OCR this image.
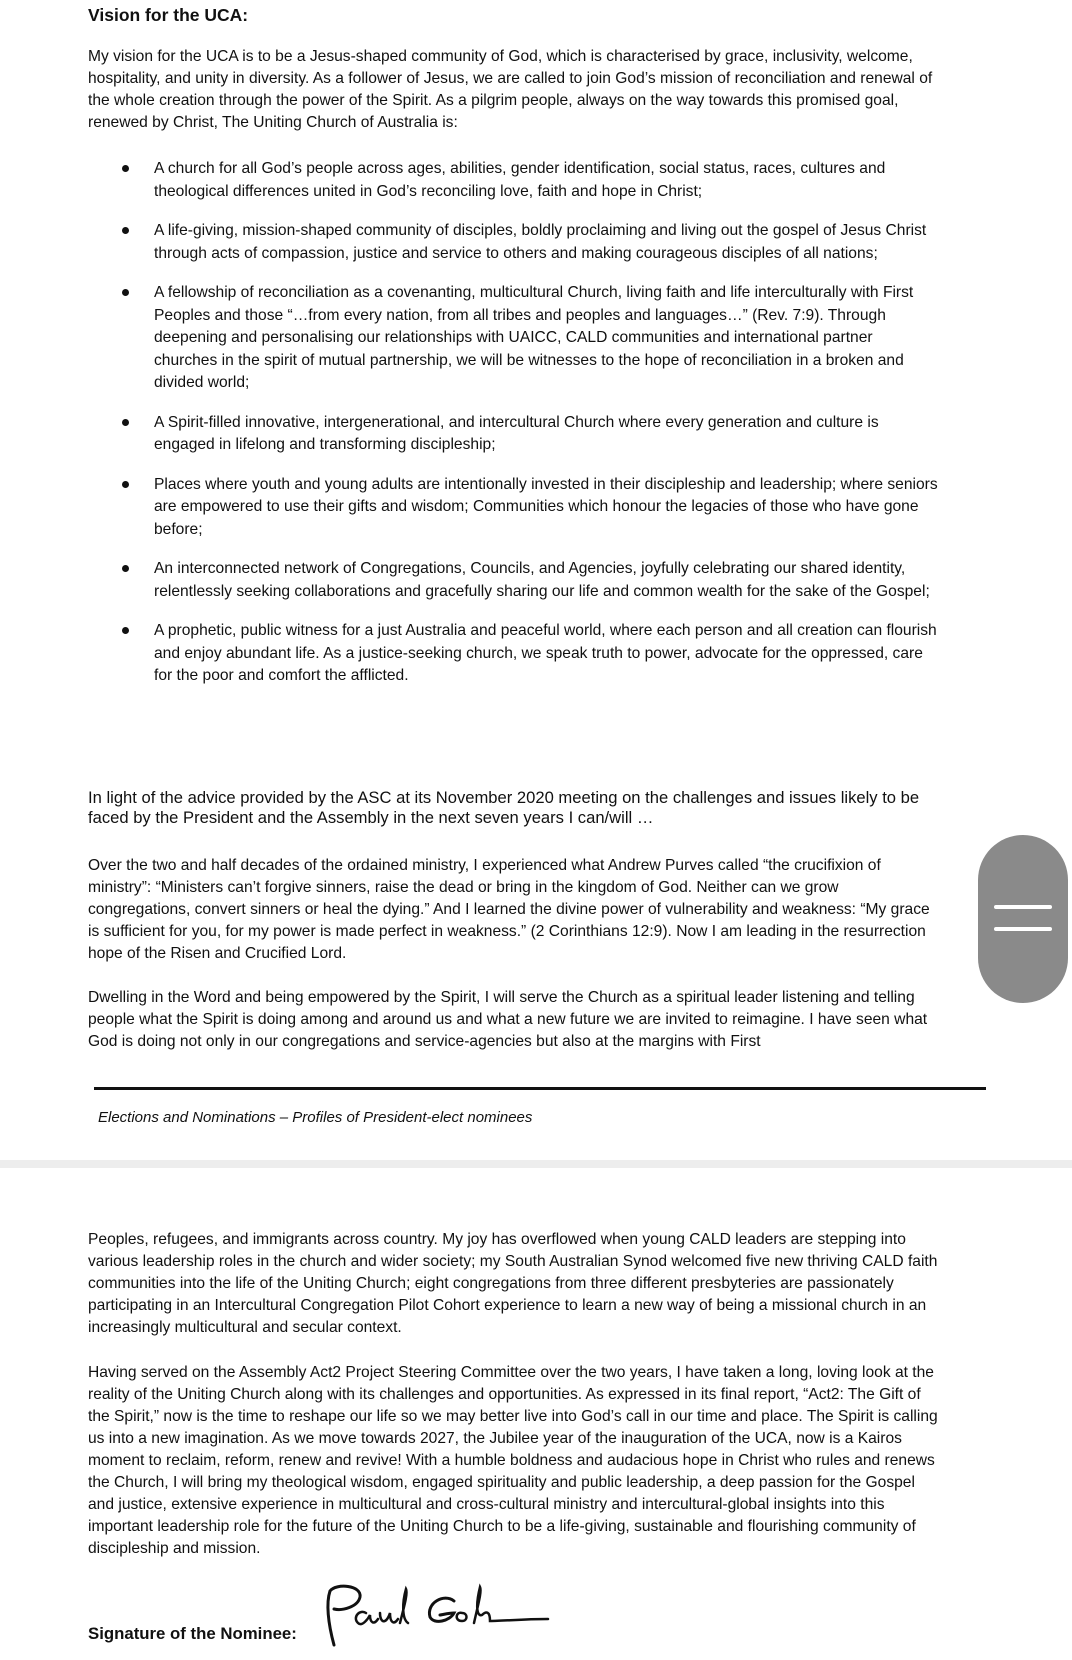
Vision for the UCA:
My vision for the UCA is to be a Jesus-shaped community of God, which is characterised by grace, inclusivity, welcome, hospitality, and unity in diversity. As a follower of Jesus, we are called to join God’s mission of reconciliation and renewal of the whole creation through the power of the Spirit. As a pilgrim people, always on the way towards this promised goal, renewed by Christ, The Uniting Church of Australia is:
A church for all God’s people across ages, abilities, gender identification, social status, races, cultures and theological differences united in God’s reconciling love, faith and hope in Christ;
A life-giving, mission-shaped community of disciples, boldly proclaiming and living out the gospel of Jesus Christ through acts of compassion, justice and service to others and making courageous disciples of all nations;
A fellowship of reconciliation as a covenanting, multicultural Church, living faith and life interculturally with First Peoples and those “…from every nation, from all tribes and peoples and languages…” (Rev. 7:9). Through deepening and personalising our relationships with UAICC, CALD communities and international partner churches in the spirit of mutual partnership, we will be witnesses to the hope of reconciliation in a broken and divided world;
A Spirit-filled innovative, intergenerational, and intercultural Church where every generation and culture is engaged in lifelong and transforming discipleship;
Places where youth and young adults are intentionally invested in their discipleship and leadership; where seniors are empowered to use their gifts and wisdom; Communities which honour the legacies of those who have gone before;
An interconnected network of Congregations, Councils, and Agencies, joyfully celebrating our shared identity, relentlessly seeking collaborations and gracefully sharing our life and common wealth for the sake of the Gospel;
A prophetic, public witness for a just Australia and peaceful world, where each person and all creation can flourish and enjoy abundant life. As a justice-seeking church, we speak truth to power, advocate for the oppressed, care for the poor and comfort the afflicted.
In light of the advice provided by the ASC at its November 2020 meeting on the challenges and issues likely to be faced by the President and the Assembly in the next seven years I can/will …
Over the two and half decades of the ordained ministry, I experienced what Andrew Purves called “the crucifixion of ministry”: “Ministers can’t forgive sinners, raise the dead or bring in the kingdom of God. Neither can we grow congregations, convert sinners or heal the dying.” And I learned the divine power of vulnerability and weakness: “My grace is sufficient for you, for my power is made perfect in weakness.” (2 Corinthians 12:9). Now I am leading in the resurrection hope of the Risen and Crucified Lord.
Dwelling in the Word and being empowered by the Spirit, I will serve the Church as a spiritual leader listening and telling people what the Spirit is doing among and around us and what a new future we are invited to reimagine. I have seen what God is doing not only in our congregations and service-agencies but also at the margins with First
Elections and Nominations – Profiles of President-elect nominees
Peoples, refugees, and immigrants across country. My joy has overflowed when young CALD leaders are stepping into various leadership roles in the church and wider society; my South Australian Synod welcomed five new thriving CALD faith communities into the life of the Uniting Church; eight congregations from three different presbyteries are passionately participating in an Intercultural Congregation Pilot Cohort experience to learn a new way of being a missional church in an increasingly multicultural and secular context.
Having served on the Assembly Act2 Project Steering Committee over the two years, I have taken a long, loving look at the reality of the Uniting Church along with its challenges and opportunities. As expressed in its final report, “Act2: The Gift of the Spirit,” now is the time to reshape our life so we may better live into God’s call in our time and place. The Spirit is calling us into a new imagination. As we move towards 2027, the Jubilee year of the inauguration of the UCA, now is a Kairos moment to reclaim, reform, renew and revive! With a humble boldness and audacious hope in Christ who rules and renews the Church, I will bring my theological wisdom, engaged spirituality and public leadership, a deep passion for the Gospel and justice, extensive experience in multicultural and cross-cultural ministry and intercultural-global insights into this important leadership role for the future of the Uniting Church to be a life-giving, sustainable and flourishing community of discipleship and mission.
Signature of the Nominee:
